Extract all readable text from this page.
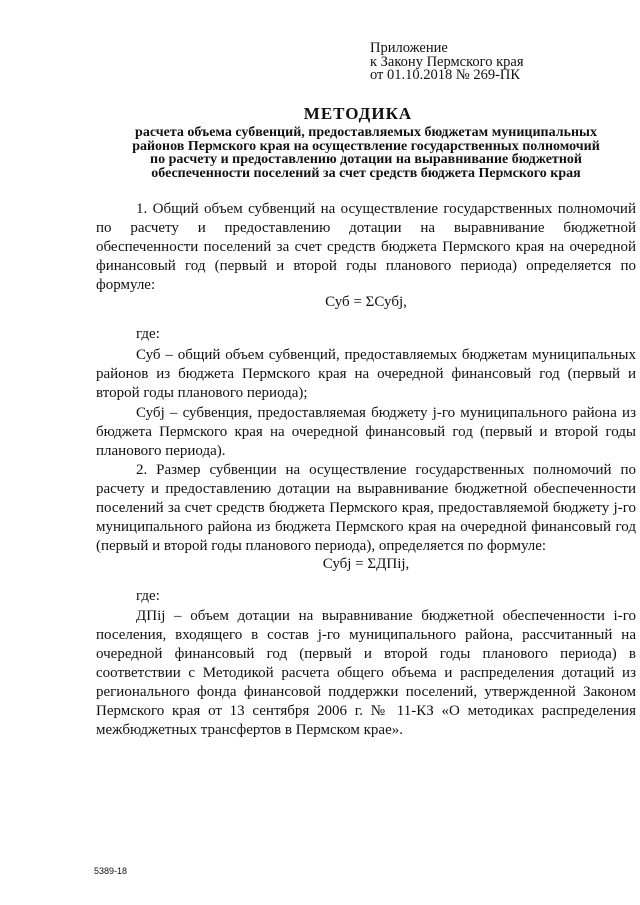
Приложение
к Закону Пермского края
от 01.10.2018 № 269-ПК
МЕТОДИКА
расчета объема субвенций, предоставляемых бюджетам муниципальных
районов Пермского края на осуществление государственных полномочий
по расчету и предоставлению дотации на выравнивание бюджетной
обеспеченности поселений за счет средств бюджета Пермского края
1. Общий объем субвенций на осуществление государственных полномочий по расчету и предоставлению дотации на выравнивание бюджетной обеспеченности поселений за счет средств бюджета Пермского края на очередной финансовый год (первый и второй годы планового периода) определяется по формуле:
Суб = ΣСубj,
где:
Суб – общий объем субвенций, предоставляемых бюджетам муниципальных районов из бюджета Пермского края на очередной финансовый год (первый и второй годы планового периода);
Субj – субвенция, предоставляемая бюджету j-го муниципального района из бюджета Пермского края на очередной финансовый год (первый и второй годы планового периода).
2. Размер субвенции на осуществление государственных полномочий по расчету и предоставлению дотации на выравнивание бюджетной обеспеченности поселений за счет средств бюджета Пермского края, предоставляемой бюджету j-го муниципального района из бюджета Пермского края на очередной финансовый год (первый и второй годы планового периода), определяется по формуле:
Субj = ΣДПij,
где:
ДПij – объем дотации на выравнивание бюджетной обеспеченности i-го поселения, входящего в состав j-го муниципального района, рассчитанный на очередной финансовый год (первый и второй годы планового периода) в соответствии с Методикой расчета общего объема и распределения дотаций из регионального фонда финансовой поддержки поселений, утвержденной Законом Пермского края от 13 сентября 2006 г. № 11-КЗ «О методиках распределения межбюджетных трансфертов в Пермском крае».
5389-18
